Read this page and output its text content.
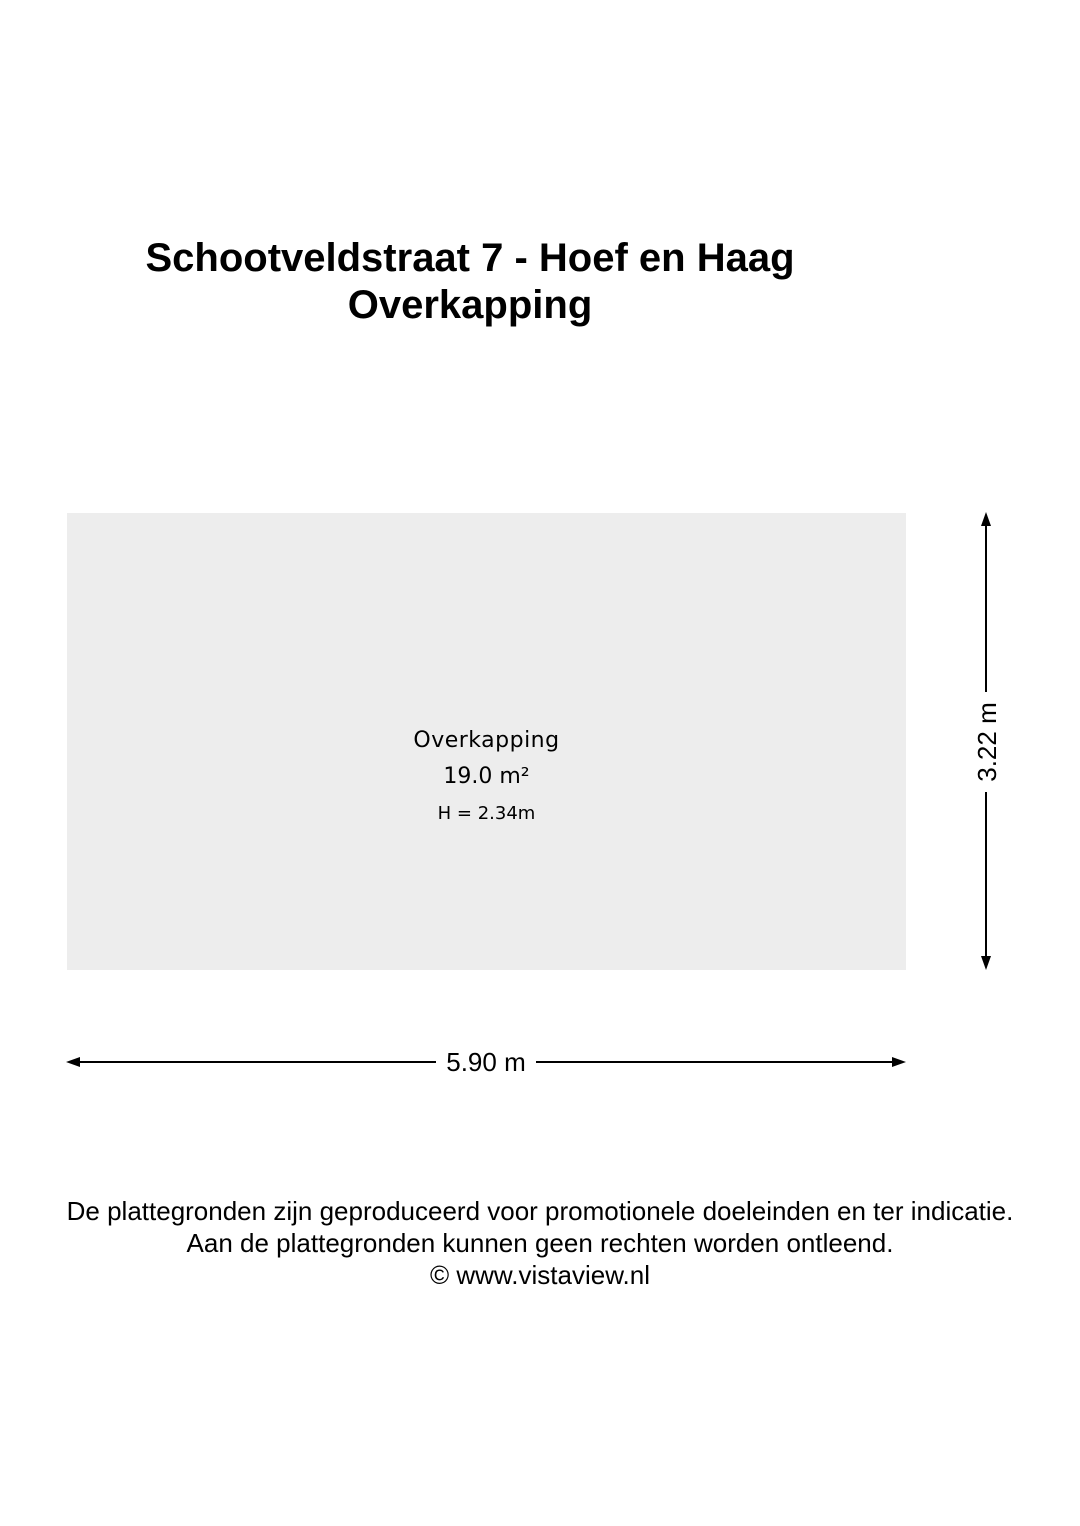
Schootveldstraat 7 - Hoef en Haag
Overkapping
Overkapping
19.0 m²
H = 2.34m
5.90 m
3.22 m

De plattegronden zijn geproduceerd voor promotionele doeleinden en ter indicatie.

Aan de plattegronden kunnen geen rechten worden ontleend.

© www.vistaview.nl
